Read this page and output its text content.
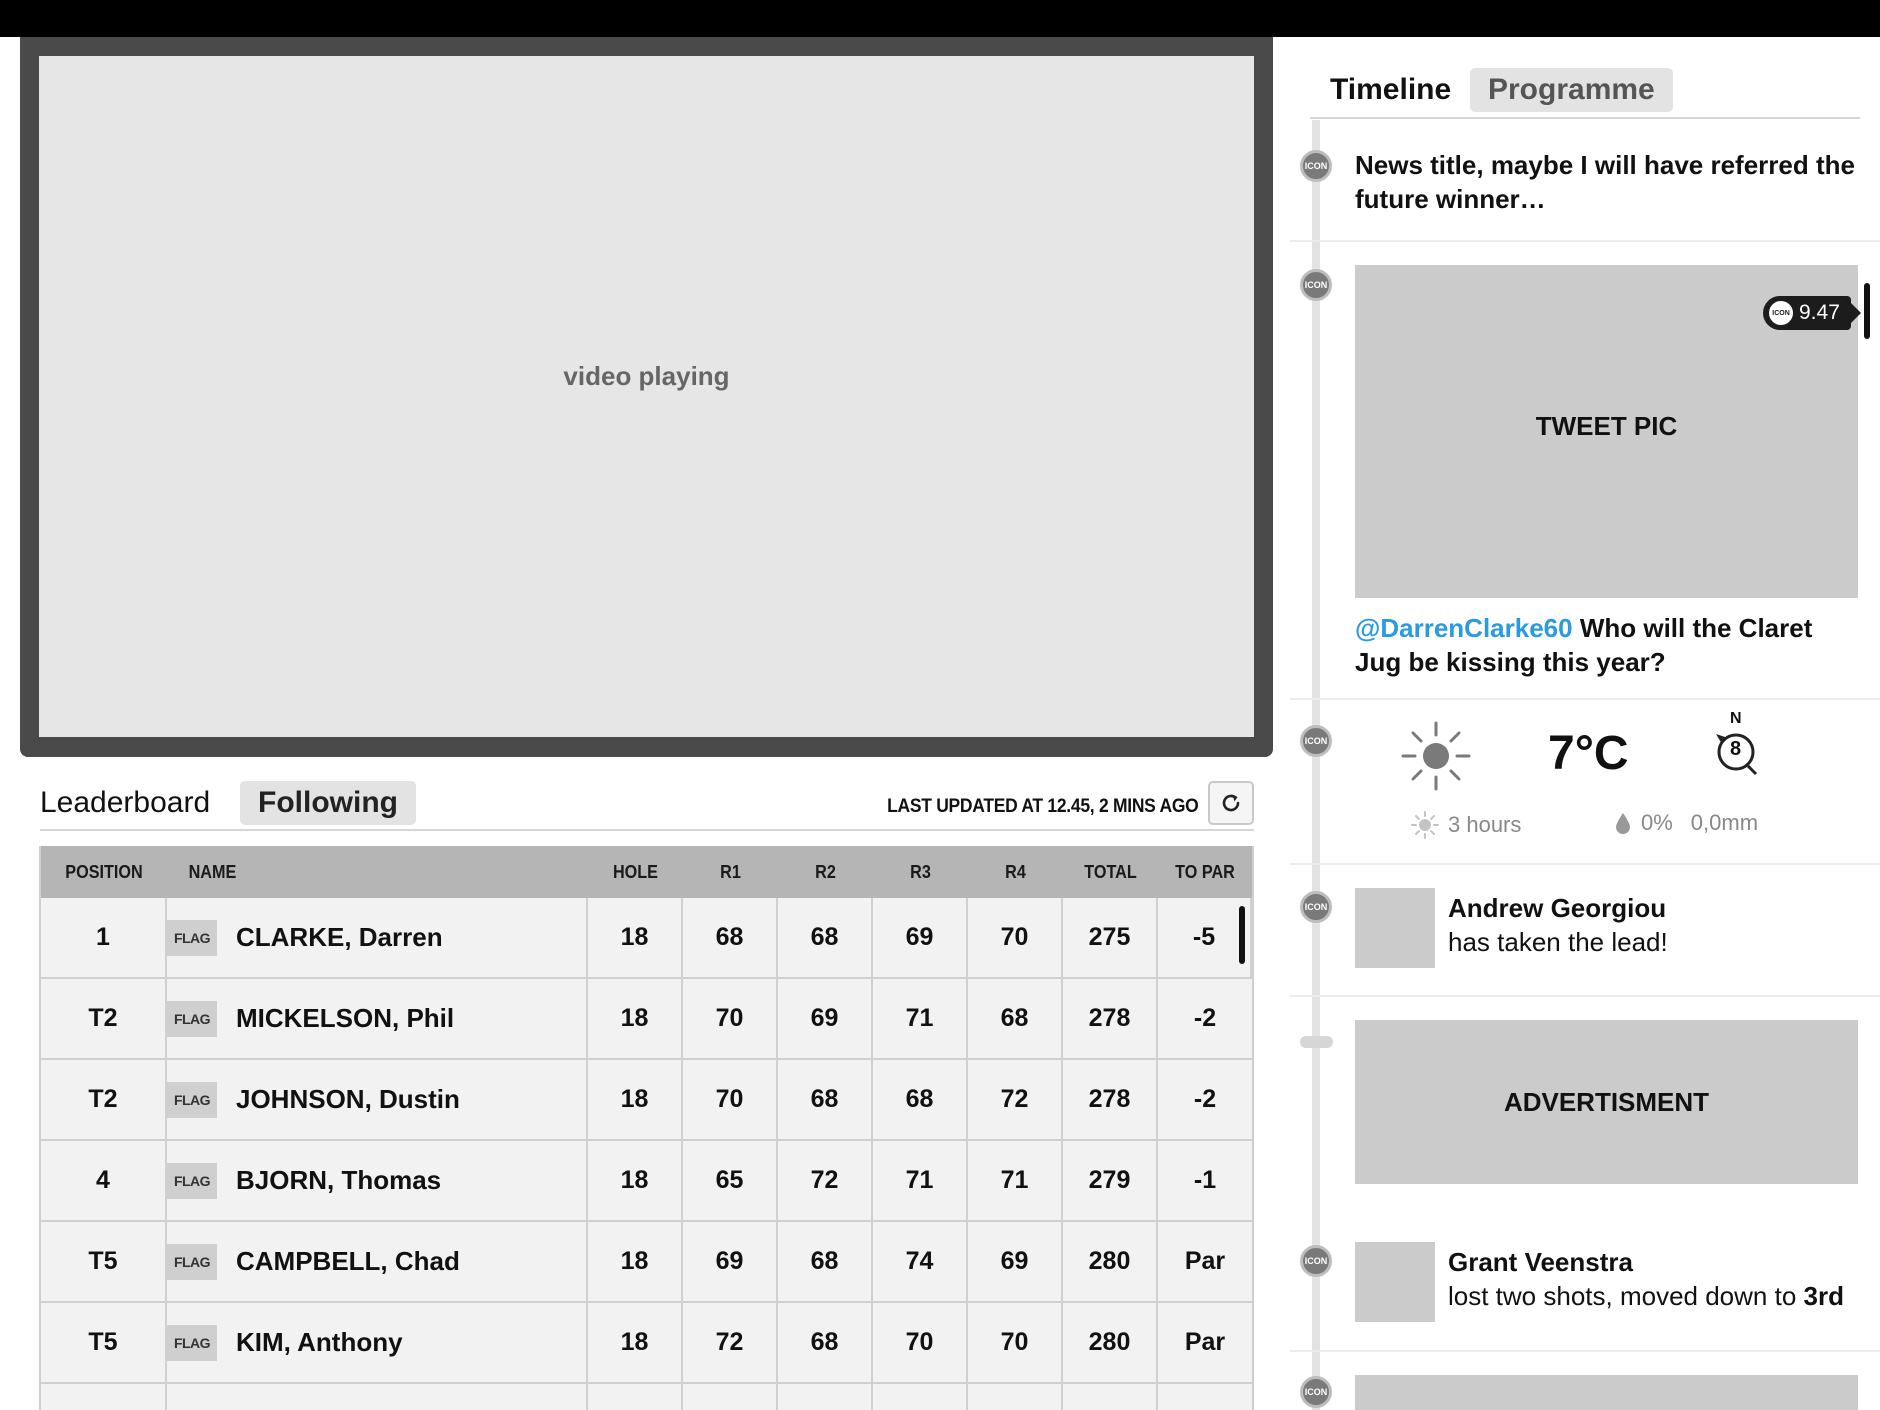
video playing
Leaderboard	Following	LAST UPDATED AT 12.45, 2 MINS AGO
POSITION	NAME	HOLE	R1	R2	R3	R4	TOTAL	TO PAR
1	FLAG CLARKE, Darren	18	68	68	69	70	275	-5
T2	FLAG MICKELSON, Phil	18	70	69	71	68	278	-2
T2	FLAG JOHNSON, Dustin	18	70	68	68	72	278	-2
4	FLAG BJORN, Thomas	18	65	72	71	71	279	-1
T5	FLAG CAMPBELL, Chad	18	69	68	74	69	280	Par
T5	FLAG KIM, Anthony	18	72	68	70	70	280	Par
Timeline	Programme
ICON News title, maybe I will have referred the future winner…
ICON
TWEET PIC
ICON 9.47
@DarrenClarke60 Who will the Claret Jug be kissing this year?
ICON	7°C
N
8
3 hours	0% 0,0mm
ICON	Andrew Georgiou
has taken the lead!
ADVERTISMENT
ICON	Grant Veenstra
lost two shots, moved down to 3rd
ICON
